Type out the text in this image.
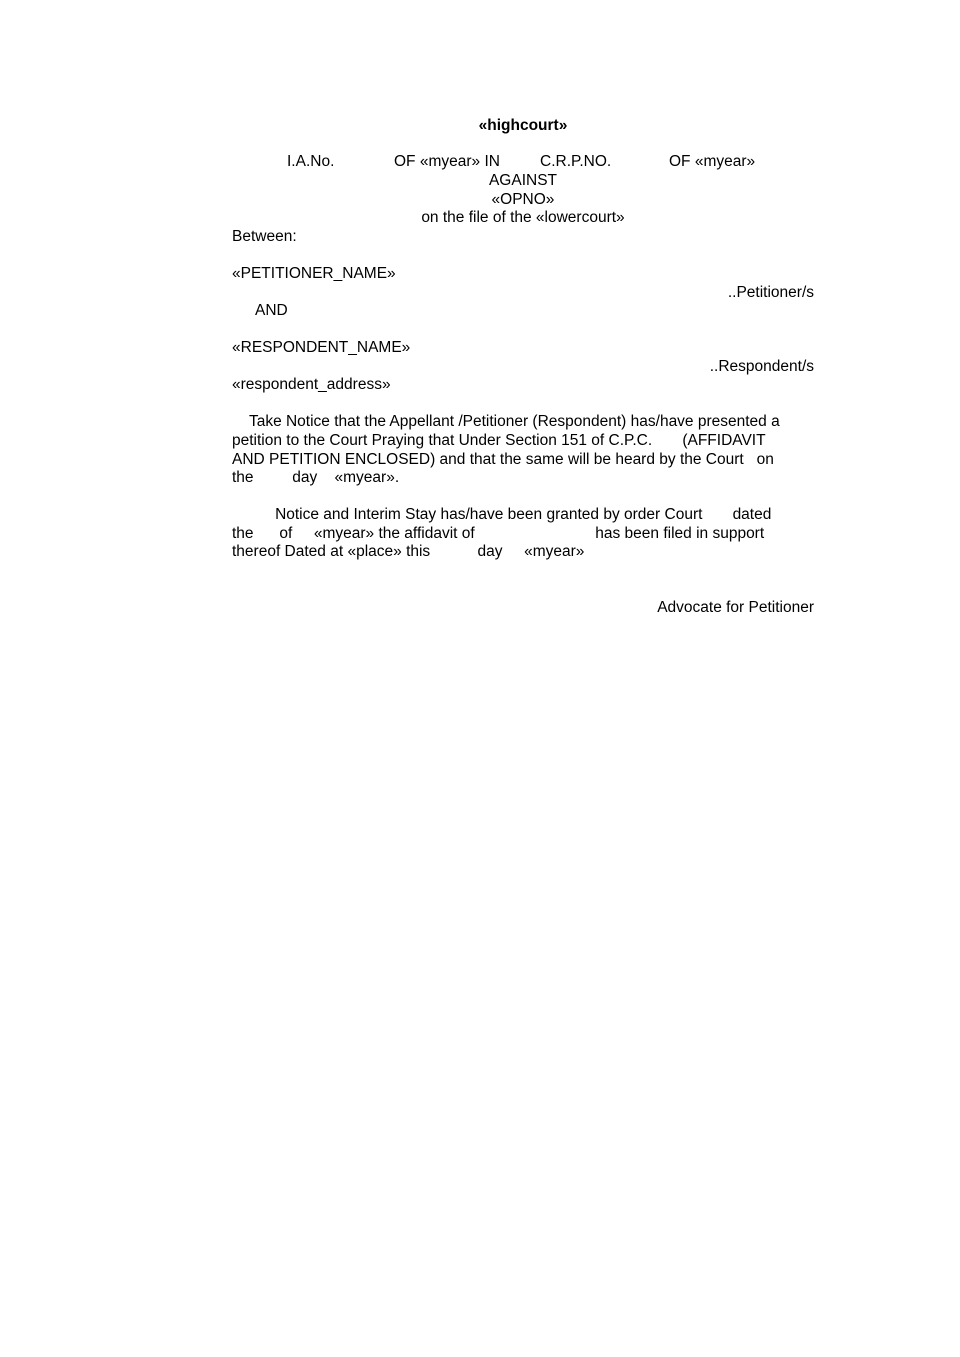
«highcourt»
I.A.No.	OF «myear» IN	C.R.P.NO.	OF «myear»
AGAINST
«OPNO»
on the file of the «lowercourt»
Between:
«PETITIONER_NAME»
..Petitioner/s
AND
«RESPONDENT_NAME»
..Respondent/s
«respondent_address»
Take Notice that the Appellant /Petitioner (Respondent) has/have presented a
petition to the Court Praying that Under Section 151 of C.P.C.       (AFFIDAVIT
AND PETITION ENCLOSED) and that the same will be heard by the Court   on
the         day    «myear».
Notice and Interim Stay has/have been granted by order Court       dated
the      of     «myear» the affidavit of                            has been filed in support
thereof Dated at «place» this           day     «myear»
Advocate for Petitioner
